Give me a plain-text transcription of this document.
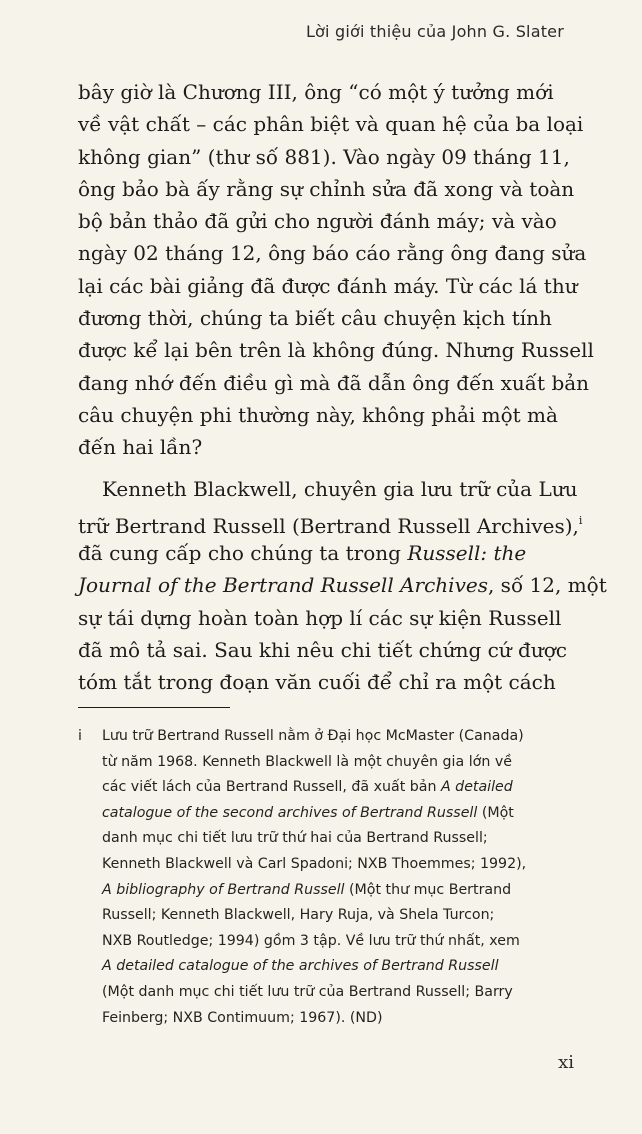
Lời giới thiệu của John G. Slater
bây giờ là Chương III, ông “có một ý tưởng mới
về vật chất – các phân biệt và quan hệ của ba loại
không gian” (thư số 881). Vào ngày 09 tháng 11,
ông bảo bà ấy rằng sự chỉnh sửa đã xong và toàn
bộ bản thảo đã gửi cho người đánh máy; và vào
ngày 02 tháng 12, ông báo cáo rằng ông đang sửa
lại các bài giảng đã được đánh máy. Từ các lá thư
đương thời, chúng ta biết câu chuyện kịch tính
được kể lại bên trên là không đúng. Nhưng Russell
đang nhớ đến điều gì mà đã dẫn ông đến xuất bản
câu chuyện phi thường này, không phải một mà
đến hai lần?
Kenneth Blackwell, chuyên gia lưu trữ của Lưu
trữ Bertrand Russell (Bertrand Russell Archives),$^i$
đã cung cấp cho chúng ta trong Russell: the
Journal of the Bertrand Russell Archives, số 12, một
sự tái dựng hoàn toàn hợp lí các sự kiện Russell
đã mô tả sai. Sau khi nêu chi tiết chứng cứ được
tóm tắt trong đoạn văn cuối để chỉ ra một cách
i	Lưu trữ Bertrand Russell nằm ở Đại học McMaster (Canada)
từ năm 1968. Kenneth Blackwell là một chuyên gia lớn về
các viết lách của Bertrand Russell, đã xuất bản A detailed
catalogue of the second archives of Bertrand Russell (Một
danh mục chi tiết lưu trữ thứ hai của Bertrand Russell;
Kenneth Blackwell và Carl Spadoni; NXB Thoemmes; 1992),
A bibliography of Bertrand Russell (Một thư mục Bertrand
Russell; Kenneth Blackwell, Hary Ruja, và Shela Turcon;
NXB Routledge; 1994) gồm 3 tập. Về lưu trữ thứ nhất, xem
A detailed catalogue of the archives of Bertrand Russell
(Một danh mục chi tiết lưu trữ của Bertrand Russell; Barry
Feinberg; NXB Contimuum; 1967). (ND)
xi
